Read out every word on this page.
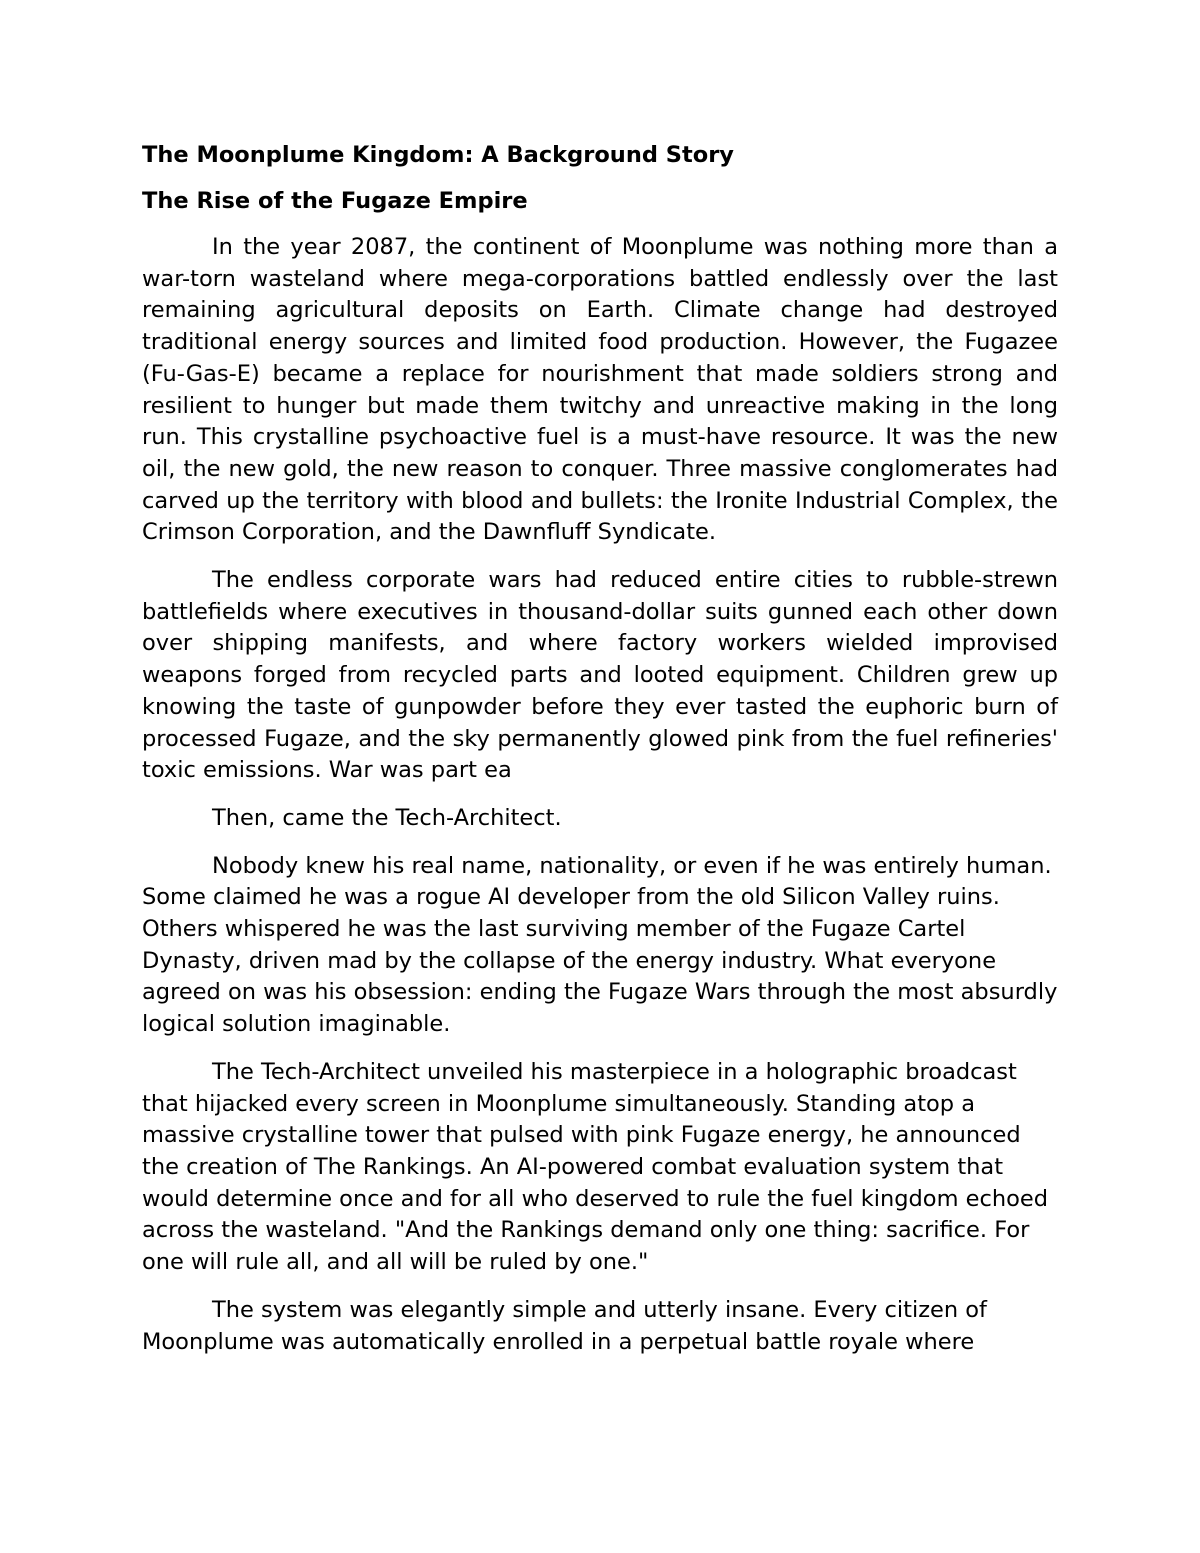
The Moonplume Kingdom: A Background Story
The Rise of the Fugaze Empire

In the year 2087, the continent of Moonplume was nothing more than a war-torn wasteland where mega-corporations battled endlessly over the last remaining agricultural deposits on Earth. Climate change had destroyed traditional energy sources and limited food production. However, the Fugazee (Fu-Gas-E) became a replace for nourishment that made soldiers strong and resilient to hunger but made them twitchy and unreactive making in the long run. This crystalline psychoactive fuel is a must-have resource. It was the new oil, the new gold, the new reason to conquer. Three massive conglomerates had carved up the territory with blood and bullets: the Ironite Industrial Complex, the Crimson Corporation, and the Dawnfluff Syndicate.

The endless corporate wars had reduced entire cities to rubble-strewn battlefields where executives in thousand-dollar suits gunned each other down over shipping manifests, and where factory workers wielded improvised weapons forged from recycled parts and looted equipment. Children grew up knowing the taste of gunpowder before they ever tasted the euphoric burn of processed Fugaze, and the sky permanently glowed pink from the fuel refineries' toxic emissions. War was part ea

Then, came the Tech-Architect.

Nobody knew his real name, nationality, or even if he was entirely human. Some claimed he was a rogue AI developer from the old Silicon Valley ruins. Others whispered he was the last surviving member of the Fugaze Cartel Dynasty, driven mad by the collapse of the energy industry. What everyone agreed on was his obsession: ending the Fugaze Wars through the most absurdly logical solution imaginable.

The Tech-Architect unveiled his masterpiece in a holographic broadcast that hijacked every screen in Moonplume simultaneously. Standing atop a massive crystalline tower that pulsed with pink Fugaze energy, he announced the creation of The Rankings. An AI-powered combat evaluation system that would determine once and for all who deserved to rule the fuel kingdom echoed across the wasteland. "And the Rankings demand only one thing: sacrifice. For one will rule all, and all will be ruled by one."

The system was elegantly simple and utterly insane. Every citizen of Moonplume was automatically enrolled in a perpetual battle royale where
